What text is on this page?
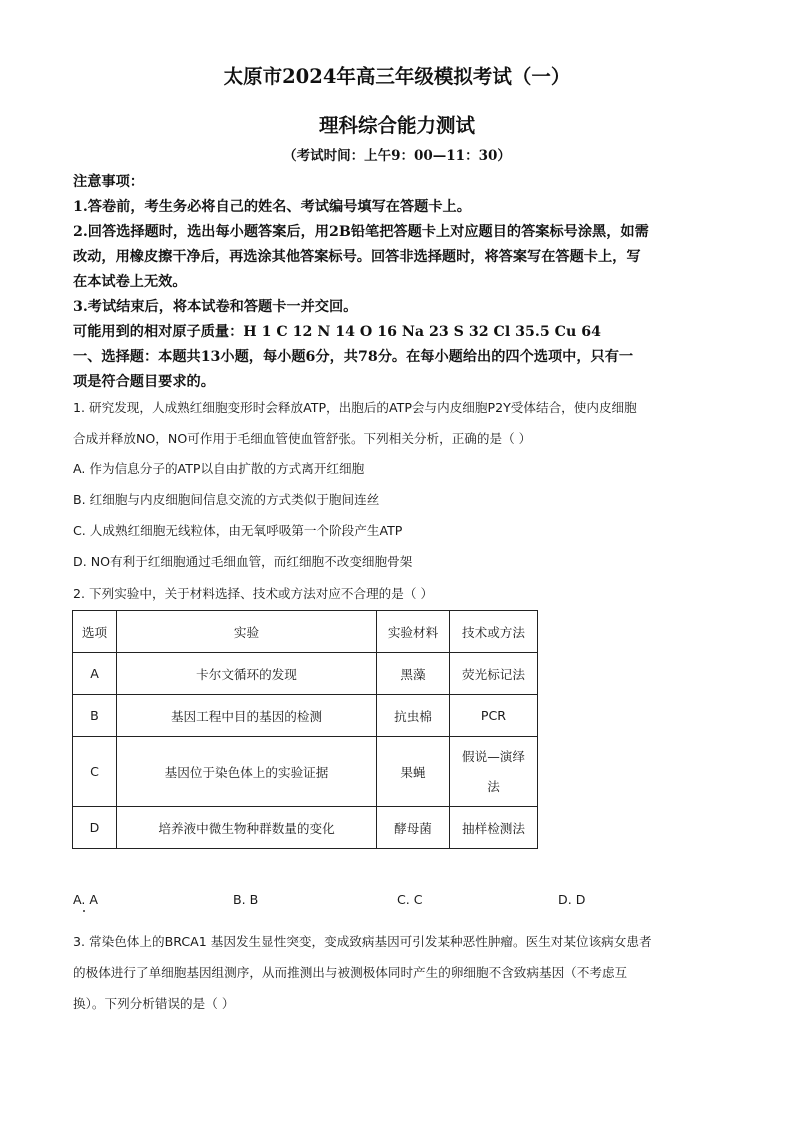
太原市2024年高三年级模拟考试（一）
理科综合能力测试
（考试时间：上午9：00—11：30）
注意事项：
1.答卷前，考生务必将自己的姓名、考试编号填写在答题卡上。
2.回答选择题时，选出每小题答案后，用2B铅笔把答题卡上对应题目的答案标号涂黑，如需
改动，用橡皮擦干净后，再选涂其他答案标号。回答非选择题时，将答案写在答题卡上，写
在本试卷上无效。
3.考试结束后，将本试卷和答题卡一并交回。
可能用到的相对原子质量：H 1 C 12 N 14 O 16 Na 23 S 32 Cl 35.5 Cu 64
一、选择题：本题共13小题，每小题6分，共78分。在每小题给出的四个选项中，只有一
项是符合题目要求的。
1. 研究发现，人成熟红细胞变形时会释放ATP，出胞后的ATP会与内皮细胞P2Y受体结合，使内皮细胞
合成并释放NO，NO可作用于毛细血管使血管舒张。下列相关分析，正确的是（ ）
A. 作为信息分子的ATP以自由扩散的方式离开红细胞
B. 红细胞与内皮细胞间信息交流的方式类似于胞间连丝
C. 人成熟红细胞无线粒体，由无氧呼吸第一个阶段产生ATP
D. NO有利于红细胞通过毛细血管，而红细胞不改变细胞骨架
2. 下列实验中，关于材料选择、技术或方法对应不合理的是（ ）
选项	实验	实验材料	技术或方法
A	卡尔文循环的发现	黑藻	荧光标记法
B	基因工程中目的基因的检测	抗虫棉	PCR
C	基因位于染色体上的实验证据	果蝇	假说—演绎
法
D	培养液中微生物种群数量的变化	酵母菌	抽样检测法
A. A	B. B	C. C	D. D
3. 常染色体上的BRCA1 基因发生显性突变，变成致病基因可引发某种恶性肿瘤。医生对某位该病女患者
的极体进行了单细胞基因组测序，从而推测出与被测极体同时产生的卵细胞不含致病基因（不考虑互
换）。下列分析错误的是（ ）
